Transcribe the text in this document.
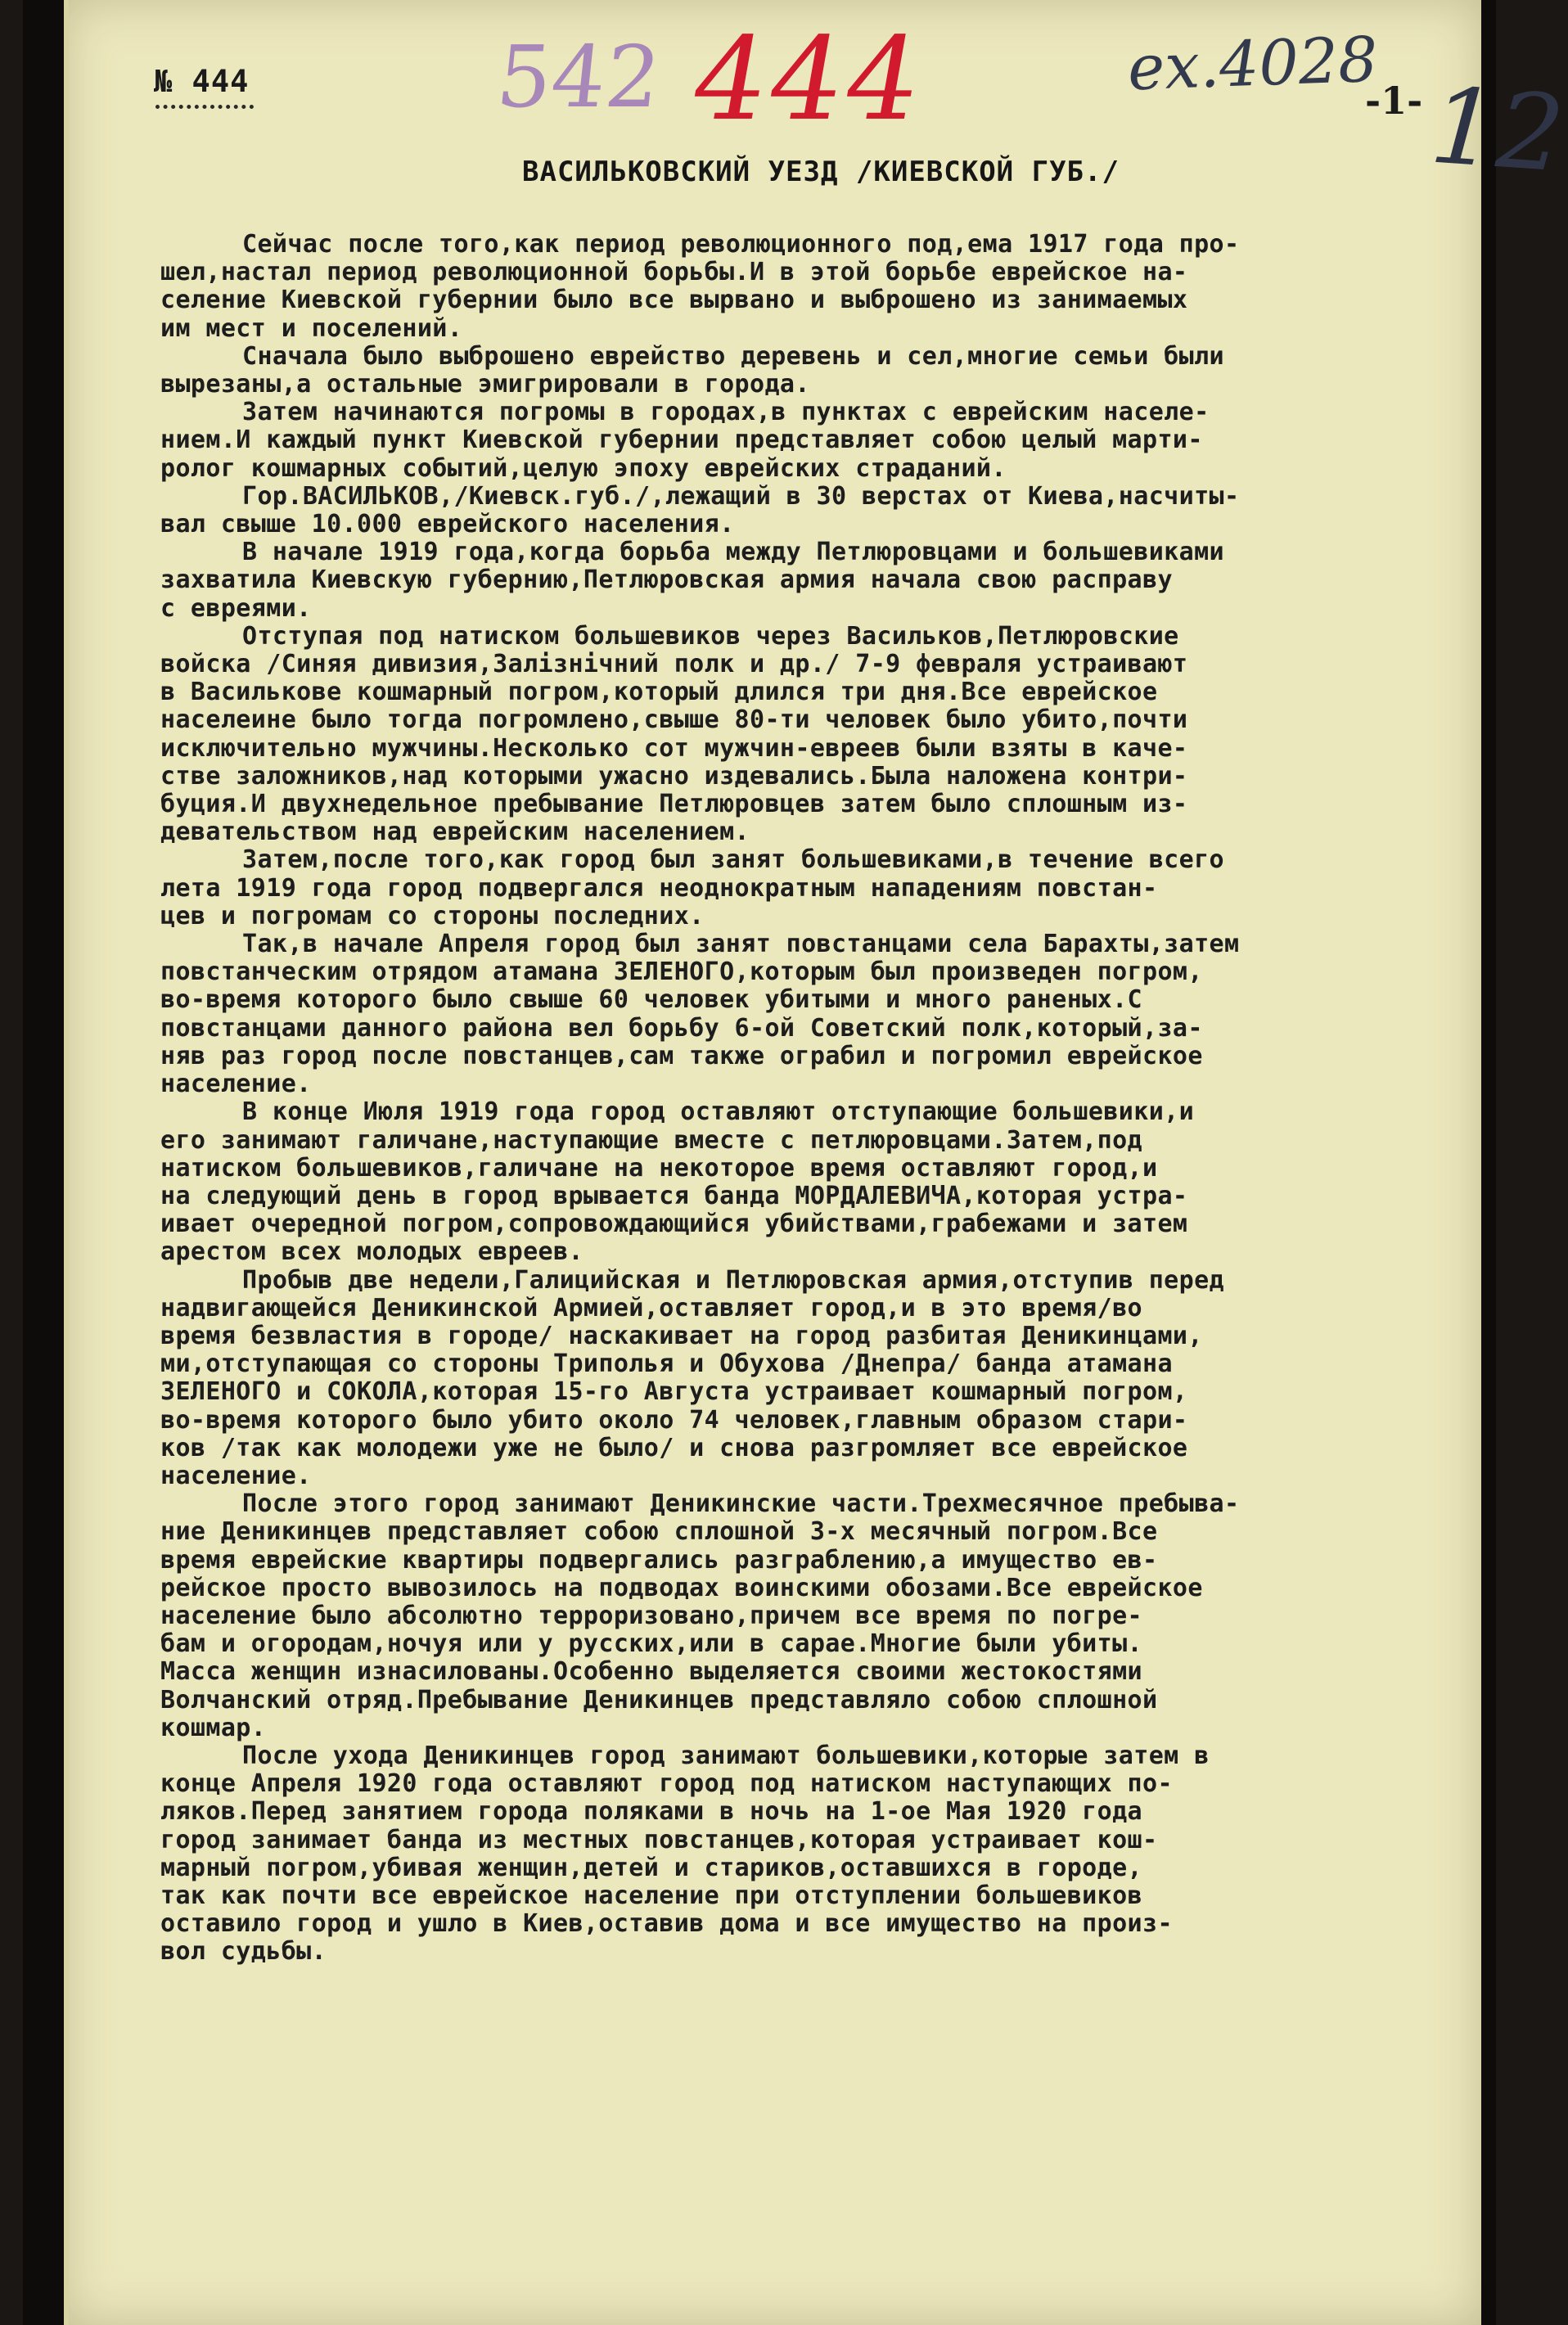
№ 444	542 444	ex.4028
-1- 12
ВАСИЛЬКОВСКИЙ УЕЗД /КИЕВСКОЙ ГУБ./
Сейчас после того,как период революционного под,ема 1917 года про-
шел,настал период революционной борьбы.И в этой борьбе еврейское на-
селение Киевской губернии было все вырвано и выброшено из занимаемых
им мест и поселений.
Сначала было выброшено еврейство деревень и сел,многие семьи были
вырезаны,а остальные эмигрировали в города.
Затем начинаются погромы в городах,в пунктах с еврейским населе-
нием.И каждый пункт Киевской губернии представляет собою целый марти-
ролог кошмарных событий,целую эпоху еврейских страданий.
Гор.ВАСИЛЬКОВ,/Киевск.губ./,лежащий в 30 верстах от Киева,насчиты-
вал свыше 10.000 еврейского населения.
В начале 1919 года,когда борьба между Петлюровцами и большевиками
захватила Киевскую губернию,Петлюровская армия начала свою расправу
с евреями.
Отступая под натиском большевиков через Васильков,Петлюровские
войска /Синяя дивизия,Залiзнiчний полк и др./ 7-9 февраля устраивают
в Василькове кошмарный погром,который длился три дня.Все еврейское
населеине было тогда погромлено,свыше 80-ти человек было убито,почти
исключительно мужчины.Несколько сот мужчин-евреев были взяты в каче-
стве заложников,над которыми ужасно издевались.Была наложена контри-
буция.И двухнедельное пребывание Петлюровцев затем было сплошным из-
девательством над еврейским населением.
Затем,после того,как город был занят большевиками,в течение всего
лета 1919 года город подвергался неоднократным нападениям повстан-
цев и погромам со стороны последних.
Так,в начале Апреля город был занят повстанцами села Барахты,затем
повстанческим отрядом атамана ЗЕЛЕНОГО,которым был произведен погром,
во-время которого было свыше 60 человек убитыми и много раненых.С
повстанцами данного района вел борьбу 6-ой Советский полк,который,за-
няв раз город после повстанцев,сам также ограбил и погромил еврейское
население.
В конце Июля 1919 года город оставляют отступающие большевики,и
его занимают галичане,наступающие вместе с петлюровцами.Затем,под
натиском большевиков,галичане на некоторое время оставляют город,и
на следующий день в город врывается банда МОРДАЛЕВИЧА,которая устра-
ивает очередной погром,сопровождающийся убийствами,грабежами и затем
арестом всех молодых евреев.
Пробыв две недели,Галицийская и Петлюровская армия,отступив перед
надвигающейся Деникинской Армией,оставляет город,и в это время/во
время безвластия в городе/ наскакивает на город разбитая Деникинцами,
ми,отступающая со стороны Триполья и Обухова /Днепра/ банда атамана
ЗЕЛЕНОГО и СОКОЛА,которая 15-го Августа устраивает кошмарный погром,
во-время которого было убито около 74 человек,главным образом стари-
ков /так как молодежи уже не было/ и снова разгромляет все еврейское
население.
После этого город занимают Деникинские части.Трехмесячное пребыва-
ние Деникинцев представляет собою сплошной 3-х месячный погром.Все
время еврейские квартиры подвергались разграблению,а имущество ев-
рейское просто вывозилось на подводах воинскими обозами.Все еврейское
население было абсолютно терроризовано,причем все время по погре-
бам и огородам,ночуя или у русских,или в сарае.Многие были убиты.
Масса женщин изнасилованы.Особенно выделяется своими жестокостями
Волчанский отряд.Пребывание Деникинцев представляло собою сплошной
кошмар.
После ухода Деникинцев город занимают большевики,которые затем в
конце Апреля 1920 года оставляют город под натиском наступающих по-
ляков.Перед занятием города поляками в ночь на 1-ое Мая 1920 года
город занимает банда из местных повстанцев,которая устраивает кош-
марный погром,убивая женщин,детей и стариков,оставшихся в городе,
так как почти все еврейское население при отступлении большевиков
оставило город и ушло в Киев,оставив дома и все имущество на произ-
вол судьбы.
